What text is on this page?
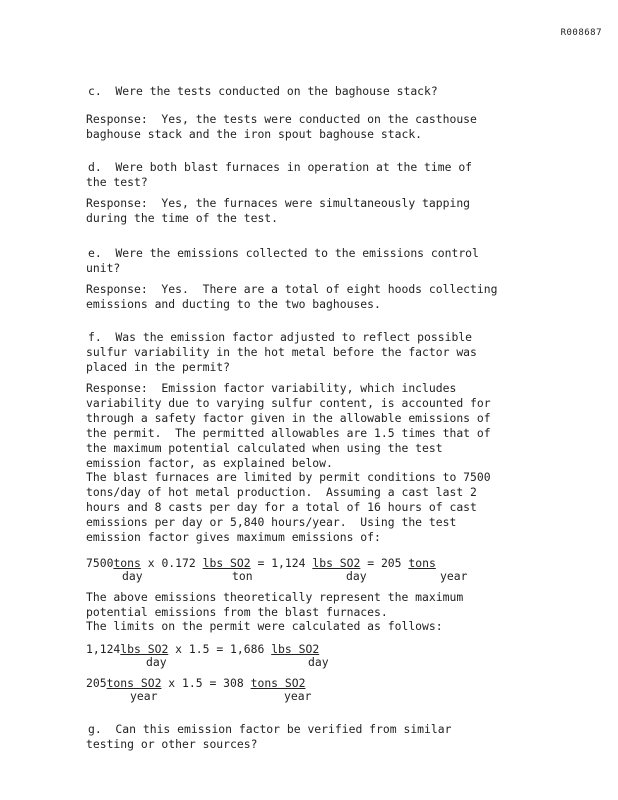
R008687
c.  Were the tests conducted on the baghouse stack?
Response:  Yes, the tests were conducted on the casthouse
baghouse stack and the iron spout baghouse stack.
d.  Were both blast furnaces in operation at the time of
the test?
Response:  Yes, the furnaces were simultaneously tapping
during the time of the test.
e.  Were the emissions collected to the emissions control
unit?
Response:  Yes.  There are a total of eight hoods collecting
emissions and ducting to the two baghouses.
f.  Was the emission factor adjusted to reflect possible
sulfur variability in the hot metal before the factor was
placed in the permit?
Response:  Emission factor variability, which includes
variability due to varying sulfur content, is accounted for
through a safety factor given in the allowable emissions of
the permit.  The permitted allowables are 1.5 times that of
the maximum potential calculated when using the test
emission factor, as explained below.
The blast furnaces are limited by permit conditions to 7500
tons/day of hot metal production.  Assuming a cast last 2
hours and 8 casts per day for a total of 16 hours of cast
emissions per day or 5,840 hours/year.  Using the test
emission factor gives maximum emissions of:
7500tons x 0.172 lbs SO2 = 1,124 lbs SO2 = 205 tons
day	ton	day	year
The above emissions theoretically represent the maximum
potential emissions from the blast furnaces.
The limits on the permit were calculated as follows:
1,124lbs SO2 x 1.5 = 1,686 lbs SO2
day	day
205tons SO2 x 1.5 = 308 tons SO2
year	year
g.  Can this emission factor be verified from similar
testing or other sources?
